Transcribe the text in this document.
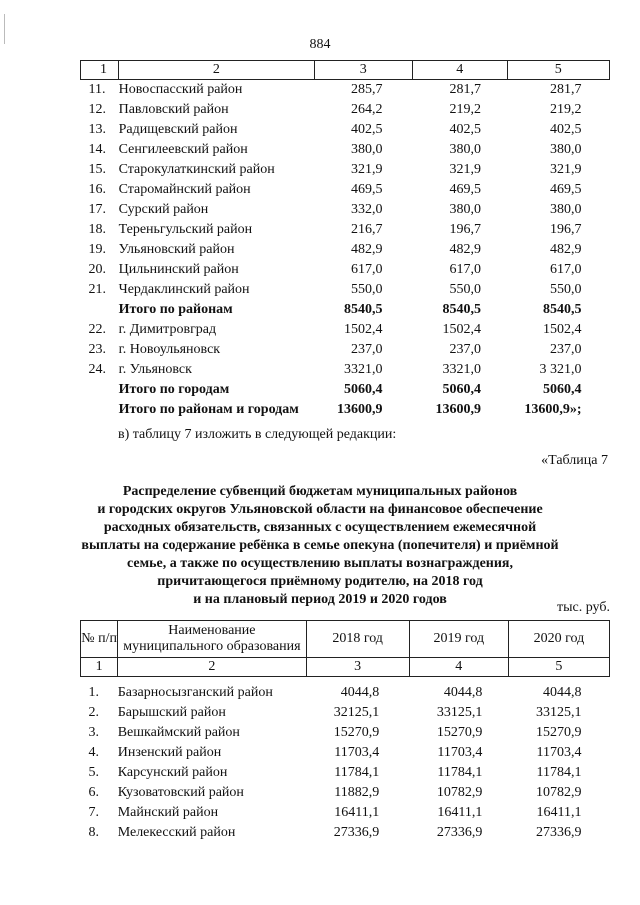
884
1	2	3	4	5
11.	Новоспасский район	285,7	281,7	281,7
12.	Павловский район	264,2	219,2	219,2
13.	Радищевский район	402,5	402,5	402,5
14.	Сенгилеевский район	380,0	380,0	380,0
15.	Старокулаткинский район	321,9	321,9	321,9
16.	Старомайнский район	469,5	469,5	469,5
17.	Сурский район	332,0	380,0	380,0
18.	Тереньгульский район	216,7	196,7	196,7
19.	Ульяновский район	482,9	482,9	482,9
20.	Цильнинский район	617,0	617,0	617,0
21.	Чердаклинский район	550,0	550,0	550,0
	Итого по районам	8540,5	8540,5	8540,5
22.	г. Димитровград	1502,4	1502,4	1502,4
23.	г. Новоульяновск	237,0	237,0	237,0
24.	г. Ульяновск	3321,0	3321,0	3 321,0
	Итого по городам	5060,4	5060,4	5060,4
	Итого по районам и городам	13600,9	13600,9	13600,9»;
в) таблицу 7 изложить в следующей редакции:
«Таблица 7
Распределение субвенций бюджетам муниципальных районов
и городских округов Ульяновской области на финансовое обеспечение
расходных обязательств, связанных с осуществлением ежемесячной
выплаты на содержание ребёнка в семье опекуна (попечителя) и приёмной
семье, а также по осуществлению выплаты вознаграждения,
причитающегося приёмному родителю, на 2018 год
и на плановый период 2019 и 2020 годов
тыс. руб.
№ п/п	Наименование муниципального образования	2018 год	2019 год	2020 год
1	2	3	4	5

1.	Базарносызганский район	4044,8	4044,8	4044,8
2.	Барышский район	32125,1	33125,1	33125,1
3.	Вешкаймский район	15270,9	15270,9	15270,9
4.	Инзенский район	11703,4	11703,4	11703,4
5.	Карсунский район	11784,1	11784,1	11784,1
6.	Кузоватовский район	11882,9	10782,9	10782,9
7.	Майнский район	16411,1	16411,1	16411,1
8.	Мелекесский район	27336,9	27336,9	27336,9
